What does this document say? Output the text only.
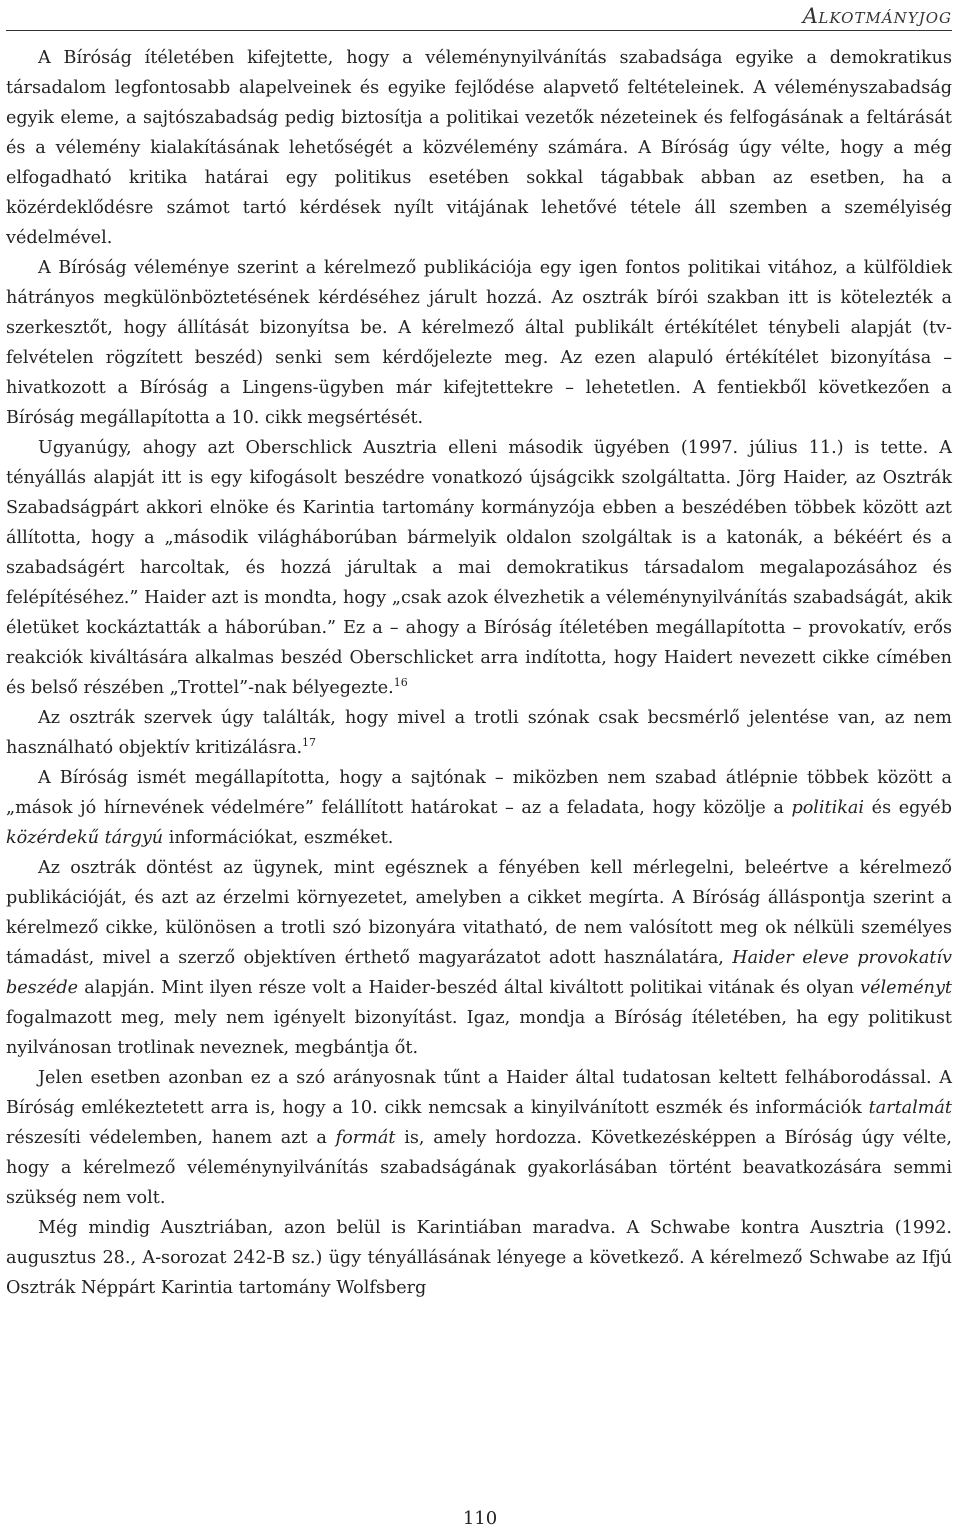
ALKOTMÁNYJOG

A Bíróság ítéletében kifejtette, hogy a véleménynyilvánítás szabadsága egyike a demokratikus társadalom legfontosabb alapelveinek és egyike fejlődése alapvető feltételeinek. A véleményszabadság egyik eleme, a sajtószabadság pedig biztosítja a politikai vezetők nézeteinek és felfogásának a feltárását és a vélemény kialakításának lehetőségét a közvélemény számára. A Bíróság úgy vélte, hogy a még elfogadható kritika határai egy politikus esetében sokkal tágabbak abban az esetben, ha a közérdeklődésre számot tartó kérdések nyílt vitájának lehetővé tétele áll szemben a személyiség védelmével.

A Bíróság véleménye szerint a kérelmező publikációja egy igen fontos politikai vitához, a külföldiek hátrányos megkülönböztetésének kérdéséhez járult hozzá. Az osztrák bírói szakban itt is kötelezték a szerkesztőt, hogy állítását bizonyítsa be. A kérelmező által publikált értékítélet ténybeli alapját (tv-felvételen rögzített beszéd) senki sem kérdőjelezte meg. Az ezen alapuló értékítélet bizonyítása – hivatkozott a Bíróság a Lingens-ügyben már kifejtettekre – lehetetlen. A fentiekből következően a Bíróság megállapította a 10. cikk megsértését.

Ugyanúgy, ahogy azt Oberschlick Ausztria elleni második ügyében (1997. július 11.) is tette. A tényállás alapját itt is egy kifogásolt beszédre vonatkozó újságcikk szolgáltatta. Jörg Haider, az Osztrák Szabadságpárt akkori elnöke és Karintia tartomány kormányzója ebben a beszédében többek között azt állította, hogy a „második világháborúban bármelyik oldalon szolgáltak is a katonák, a békéért és a szabadságért harcoltak, és hozzá járultak a mai demokratikus társadalom megalapozásához és felépítéséhez.” Haider azt is mondta, hogy „csak azok élvezhetik a véleménynyilvánítás szabadságát, akik életüket kockáztatták a háborúban.” Ez a – ahogy a Bíróság ítéletében megállapította – provokatív, erős reakciók kiváltására alkalmas beszéd Oberschlicket arra indította, hogy Haidert nevezett cikke címében és belső részében „Trottel”-nak bélyegezte.$^{16}$

Az osztrák szervek úgy találták, hogy mivel a trotli szónak csak becsmérlő jelentése van, az nem használható objektív kritizálásra.$^{17}$

A Bíróság ismét megállapította, hogy a sajtónak – miközben nem szabad átlépnie többek között a „mások jó hírnevének védelmére” felállított határokat – az a feladata, hogy közölje a politikai és egyéb közérdekű tárgyú információkat, eszméket.

Az osztrák döntést az ügynek, mint egésznek a fényében kell mérlegelni, beleértve a kérelmező publikációját, és azt az érzelmi környezetet, amelyben a cikket megírta. A Bíróság álláspontja szerint a kérelmező cikke, különösen a trotli szó bizonyára vitatható, de nem valósított meg ok nélküli személyes támadást, mivel a szerző objektíven érthető magyarázatot adott használatára, Haider eleve provokatív beszéde alapján. Mint ilyen része volt a Haider-beszéd által kiváltott politikai vitának és olyan véleményt fogalmazott meg, mely nem igényelt bizonyítást. Igaz, mondja a Bíróság ítéletében, ha egy politikust nyilvánosan trotlinak neveznek, megbántja őt.

Jelen esetben azonban ez a szó arányosnak tűnt a Haider által tudatosan keltett felháborodással. A Bíróság emlékeztetett arra is, hogy a 10. cikk nemcsak a kinyilvánított eszmék és információk tartalmát részesíti védelemben, hanem azt a formát is, amely hordozza. Következésképpen a Bíróság úgy vélte, hogy a kérelmező véleménynyilvánítás szabadságának gyakorlásában történt beavatkozására semmi szükség nem volt.

Még mindig Ausztriában, azon belül is Karintiában maradva. A Schwabe kontra Ausztria (1992. augusztus 28., A-sorozat 242-B sz.) ügy tényállásának lényege a következő. A kérelmező Schwabe az Ifjú Osztrák Néppárt Karintia tartomány Wolfsberg

110
